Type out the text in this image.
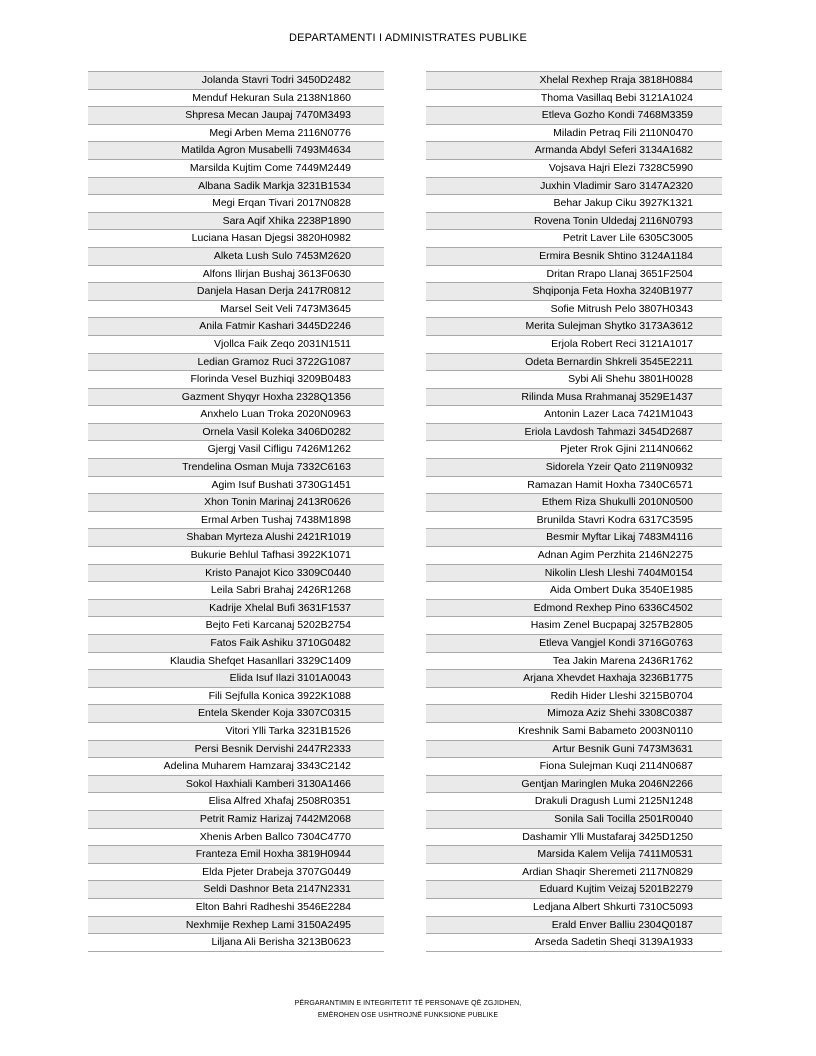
DEPARTAMENTI I ADMINISTRATES PUBLIKE
Jolanda Stavri Todri 3450D2482
Menduf Hekuran Sula 2138N1860
Shpresa Mecan Jaupaj 7470M3493
Megi Arben Mema 2116N0776
Matilda Agron Musabelli 7493M4634
Marsilda Kujtim Come 7449M2449
Albana Sadik Markja 3231B1534
Megi Erqan Tivari 2017N0828
Sara Aqif Xhika 2238P1890
Luciana Hasan Djegsi 3820H0982
Alketa Lush Sulo 7453M2620
Alfons Ilirjan Bushaj 3613F0630
Danjela Hasan Derja 2417R0812
Marsel Seit Veli 7473M3645
Anila Fatmir Kashari 3445D2246
Vjollca Faik Zeqo 2031N1511
Ledian Gramoz Ruci 3722G1087
Florinda Vesel Buzhiqi 3209B0483
Gazment Shyqyr Hoxha 2328Q1356
Anxhelo Luan Troka 2020N0963
Ornela Vasil Koleka 3406D0282
Gjergj Vasil Cifligu 7426M1262
Trendelina Osman Muja 7332C6163
Agim Isuf Bushati 3730G1451
Xhon Tonin Marinaj 2413R0626
Ermal Arben Tushaj 7438M1898
Shaban Myrteza Alushi 2421R1019
Bukurie Behlul Tafhasi 3922K1071
Kristo Panajot Kico 3309C0440
Leila Sabri Brahaj 2426R1268
Kadrije Xhelal Bufi 3631F1537
Bejto Feti Karcanaj 5202B2754
Fatos Faik Ashiku 3710G0482
Klaudia Shefqet Hasanllari 3329C1409
Elida Isuf Ilazi 3101A0043
Fili Sejfulla Konica 3922K1088
Entela Skender Koja 3307C0315
Vitori Ylli Tarka 3231B1526
Persi Besnik Dervishi 2447R2333
Adelina Muharem Hamzaraj 3343C2142
Sokol Haxhiali Kamberi 3130A1466
Elisa Alfred Xhafaj 2508R0351
Petrit Ramiz Harizaj 7442M2068
Xhenis Arben Ballco 7304C4770
Franteza Emil Hoxha 3819H0944
Elda Pjeter Drabeja 3707G0449
Seldi Dashnor Beta 2147N2331
Elton Bahri Radheshi 3546E2284
Nexhmije Rexhep Lami 3150A2495
Liljana Ali Berisha 3213B0623
Xhelal Rexhep Rraja 3818H0884
Thoma Vasillaq Bebi 3121A1024
Etleva Gozho Kondi 7468M3359
Miladin Petraq Fili 2110N0470
Armanda Abdyl Seferi 3134A1682
Vojsava Hajri Elezi 7328C5990
Juxhin Vladimir Saro 3147A2320
Behar Jakup Ciku 3927K1321
Rovena Tonin Uldedaj 2116N0793
Petrit Laver Lile 6305C3005
Ermira Besnik Shtino 3124A1184
Dritan Rrapo Llanaj 3651F2504
Shqiponja Feta Hoxha 3240B1977
Sofie Mitrush Pelo 3807H0343
Merita Sulejman Shytko 3173A3612
Erjola Robert Reci 3121A1017
Odeta Bernardin Shkreli 3545E2211
Sybi Ali Shehu 3801H0028
Rilinda Musa Rrahmanaj 3529E1437
Antonin Lazer Laca 7421M1043
Eriola Lavdosh Tahmazi 3454D2687
Pjeter Rrok Gjini 2114N0662
Sidorela Yzeir Qato 2119N0932
Ramazan Hamit Hoxha 7340C6571
Ethem Riza Shukulli 2010N0500
Brunilda Stavri Kodra 6317C3595
Besmir Myftar Likaj 7483M4116
Adnan Agim Perzhita 2146N2275
Nikolin Llesh Lleshi 7404M0154
Aida Ombert Duka 3540E1985
Edmond Rexhep Pino 6336C4502
Hasim Zenel Bucpapaj 3257B2805
Etleva Vangjel Kondi 3716G0763
Tea Jakin Marena 2436R1762
Arjana Xhevdet Haxhaja 3236B1775
Redih Hider Lleshi 3215B0704
Mimoza Aziz Shehi 3308C0387
Kreshnik Sami Babameto 2003N0110
Artur Besnik Guni 7473M3631
Fiona Sulejman Kuqi 2114N0687
Gentjan Maringlen Muka 2046N2266
Drakuli Dragush Lumi 2125N1248
Sonila Sali Tocilla 2501R0040
Dashamir Ylli Mustafaraj 3425D1250
Marsida Kalem Velija 7411M0531
Ardian Shaqir Sheremeti 2117N0829
Eduard Kujtim Veizaj 5201B2279
Ledjana Albert Shkurti 7310C5093
Erald Enver Balliu 2304Q0187
Arseda Sadetin Sheqi 3139A1933
PËRGARANTIMIN E INTEGRITETIT TË PERSONAVE QË ZGJIDHEN,
EMËROHEN OSE USHTROJNË FUNKSIONE PUBLIKE
